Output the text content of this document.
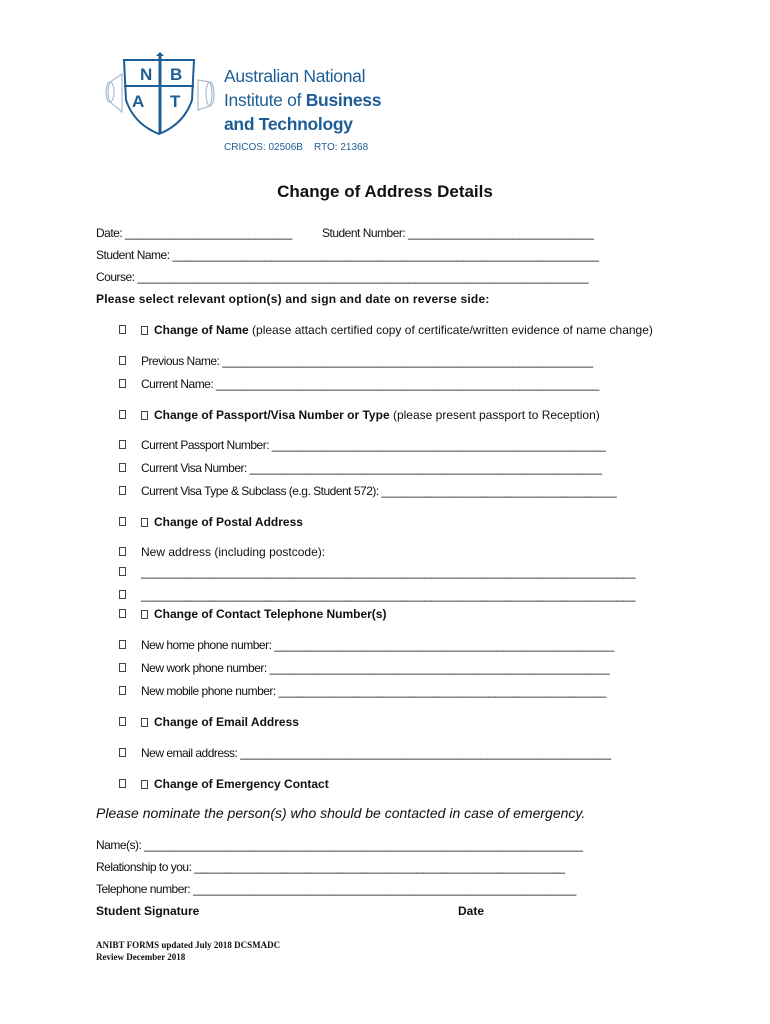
N B
A T
Australian National
Institute of Business
and Technology
CRICOS: 02506B    RTO: 21368
Change of Address Details
Date: ___________________________	Student Number: ______________________________
Student Name: _____________________________________________________________________
Course: _________________________________________________________________________
Please select relevant option(s) and sign and date on reverse side:
Change of Name (please attach certified copy of certificate/written evidence of name change)
Previous Name: ____________________________________________________________
Current Name: ______________________________________________________________
Change of Passport/Visa Number or Type (please present passport to Reception)
Current Passport Number: ______________________________________________________
Current Visa Number: _________________________________________________________
Current Visa Type & Subclass (e.g. Student 572): ______________________________________
Change of Postal Address
New address (including postcode):
________________________________________________________________________________
________________________________________________________________________________
Change of Contact Telephone Number(s)
New home phone number: _______________________________________________________
New work phone number: _______________________________________________________
New mobile phone number: _____________________________________________________
Change of Email Address
New email address: ____________________________________________________________
Change of Emergency Contact
Please nominate the person(s) who should be contacted in case of emergency.
Name(s): _______________________________________________________________________
Relationship to you: ____________________________________________________________
Telephone number: ______________________________________________________________
Student Signature	Date
ANIBT FORMS updated July 2018 DCSMADC
Review December 2018
